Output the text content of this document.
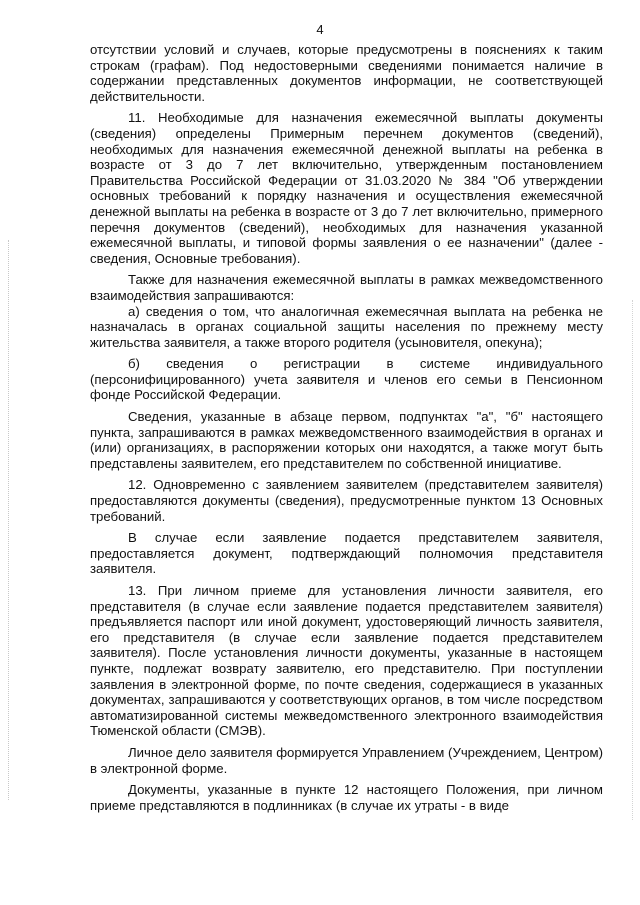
4

отсутствии условий и случаев, которые предусмотрены в пояснениях к таким строкам (графам). Под недостоверными сведениями понимается наличие в содержании представленных документов информации, не соответствующей действительности.

11. Необходимые для назначения ежемесячной выплаты документы (сведения) определены Примерным перечнем документов (сведений), необходимых для назначения ежемесячной денежной выплаты на ребенка в возрасте от 3 до 7 лет включительно, утвержденным постановлением Правительства Российской Федерации от 31.03.2020 № 384 "Об утверждении основных требований к порядку назначения и осуществления ежемесячной денежной выплаты на ребенка в возрасте от 3 до 7 лет включительно, примерного перечня документов (сведений), необходимых для назначения указанной ежемесячной выплаты, и типовой формы заявления о ее назначении" (далее - сведения, Основные требования).

Также для назначения ежемесячной выплаты в рамках межведомственного взаимодействия запрашиваются:

а) сведения о том, что аналогичная ежемесячная выплата на ребенка не назначалась в органах социальной защиты населения по прежнему месту жительства заявителя, а также второго родителя (усыновителя, опекуна);

б) сведения о регистрации в системе индивидуального (персонифицированного) учета заявителя и членов его семьи в Пенсионном фонде Российской Федерации.

Сведения, указанные в абзаце первом, подпунктах "а", "б" настоящего пункта, запрашиваются в рамках межведомственного взаимодействия в органах и (или) организациях, в распоряжении которых они находятся, а также могут быть представлены заявителем, его представителем по собственной инициативе.

12. Одновременно с заявлением заявителем (представителем заявителя) предоставляются документы (сведения), предусмотренные пунктом 13 Основных требований.

В случае если заявление подается представителем заявителя, предоставляется документ, подтверждающий полномочия представителя заявителя.

13. При личном приеме для установления личности заявителя, его представителя (в случае если заявление подается представителем заявителя) предъявляется паспорт или иной документ, удостоверяющий личность заявителя, его представителя (в случае если заявление подается представителем заявителя). После установления личности документы, указанные в настоящем пункте, подлежат возврату заявителю, его представителю. При поступлении заявления в электронной форме, по почте сведения, содержащиеся в указанных документах, запрашиваются у соответствующих органов, в том числе посредством автоматизированной системы межведомственного электронного взаимодействия Тюменской области (СМЭВ).

Личное дело заявителя формируется Управлением (Учреждением, Центром) в электронной форме.

Документы, указанные в пункте 12 настоящего Положения, при личном приеме представляются в подлинниках (в случае их утраты - в виде
